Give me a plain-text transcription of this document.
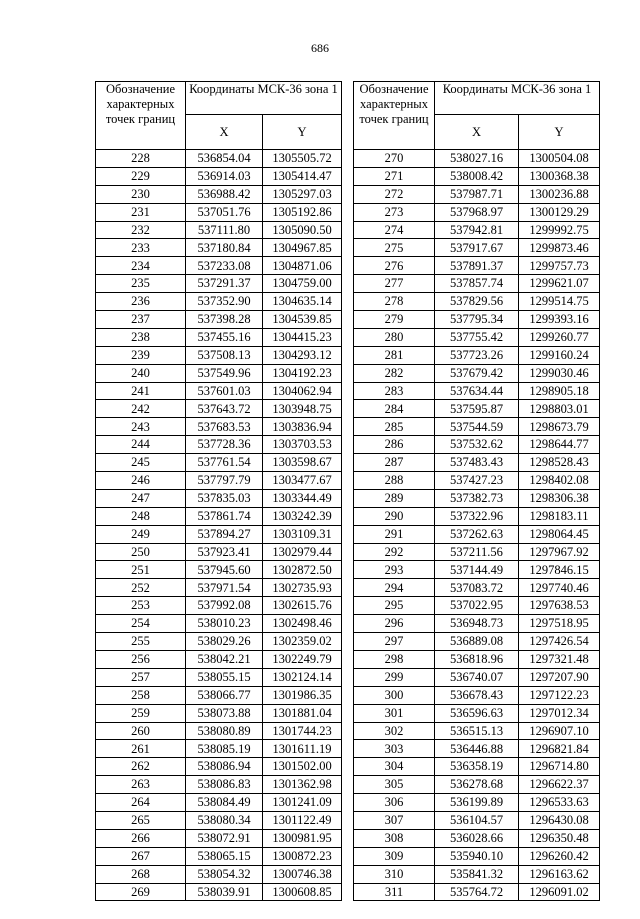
686
Обозначение характерных точек границ	Координаты МСК-36 зона 1	
	X	Y
228	536854.04	1305505.72
229	536914.03	1305414.47
230	536988.42	1305297.03
231	537051.76	1305192.86
232	537111.80	1305090.50
233	537180.84	1304967.85
234	537233.08	1304871.06
235	537291.37	1304759.00
236	537352.90	1304635.14
237	537398.28	1304539.85
238	537455.16	1304415.23
239	537508.13	1304293.12
240	537549.96	1304192.23
241	537601.03	1304062.94
242	537643.72	1303948.75
243	537683.53	1303836.94
244	537728.36	1303703.53
245	537761.54	1303598.67
246	537797.79	1303477.67
247	537835.03	1303344.49
248	537861.74	1303242.39
249	537894.27	1303109.31
250	537923.41	1302979.44
251	537945.60	1302872.50
252	537971.54	1302735.93
253	537992.08	1302615.76
254	538010.23	1302498.46
255	538029.26	1302359.02
256	538042.21	1302249.79
257	538055.15	1302124.14
258	538066.77	1301986.35
259	538073.88	1301881.04
260	538080.89	1301744.23
261	538085.19	1301611.19
262	538086.94	1301502.00
263	538086.83	1301362.98
264	538084.49	1301241.09
265	538080.34	1301122.49
266	538072.91	1300981.95
267	538065.15	1300872.23
268	538054.32	1300746.38
269	538039.91	1300608.85
Обозначение характерных точек границ	Координаты МСК-36 зона 1	
	X	Y
270	538027.16	1300504.08
271	538008.42	1300368.38
272	537987.71	1300236.88
273	537968.97	1300129.29
274	537942.81	1299992.75
275	537917.67	1299873.46
276	537891.37	1299757.73
277	537857.74	1299621.07
278	537829.56	1299514.75
279	537795.34	1299393.16
280	537755.42	1299260.77
281	537723.26	1299160.24
282	537679.42	1299030.46
283	537634.44	1298905.18
284	537595.87	1298803.01
285	537544.59	1298673.79
286	537532.62	1298644.77
287	537483.43	1298528.43
288	537427.23	1298402.08
289	537382.73	1298306.38
290	537322.96	1298183.11
291	537262.63	1298064.45
292	537211.56	1297967.92
293	537144.49	1297846.15
294	537083.72	1297740.46
295	537022.95	1297638.53
296	536948.73	1297518.95
297	536889.08	1297426.54
298	536818.96	1297321.48
299	536740.07	1297207.90
300	536678.43	1297122.23
301	536596.63	1297012.34
302	536515.13	1296907.10
303	536446.88	1296821.84
304	536358.19	1296714.80
305	536278.68	1296622.37
306	536199.89	1296533.63
307	536104.57	1296430.08
308	536028.66	1296350.48
309	535940.10	1296260.42
310	535841.32	1296163.62
311	535764.72	1296091.02
